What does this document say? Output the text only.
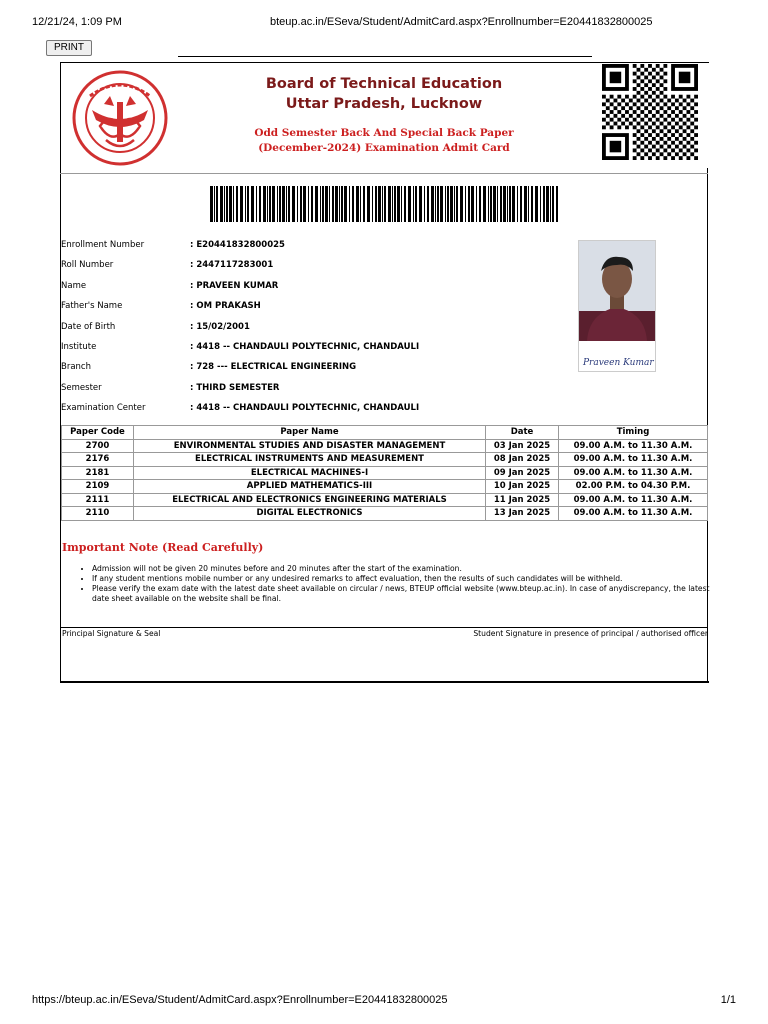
12/21/24, 1:09 PM	bteup.ac.in/ESeva/Student/AdmitCard.aspx?Enrollnumber=E20441832800025
PRINT
Board of Technical Education
Uttar Pradesh, Lucknow
Odd Semester Back And Special Back Paper
(December-2024) Examination Admit Card
Enrollment Number	: E20441832800025
Roll Number	: 2447117283001
Name	: PRAVEEN KUMAR
Father's Name	: OM PRAKASH
Date of Birth	: 15/02/2001
Institute	: 4418 -- CHANDAULI POLYTECHNIC, CHANDAULI
Branch	: 728 --- ELECTRICAL ENGINEERING
Semester	: THIRD SEMESTER
Examination Center	: 4418 -- CHANDAULI POLYTECHNIC, CHANDAULI

Praveen Kumar
Paper Code	Paper Name	Date	Timing
2700	ENVIRONMENTAL STUDIES AND DISASTER MANAGEMENT	03 Jan 2025	09.00 A.M. to 11.30 A.M.
2176	ELECTRICAL INSTRUMENTS AND MEASUREMENT	08 Jan 2025	09.00 A.M. to 11.30 A.M.
2181	ELECTRICAL MACHINES-I	09 Jan 2025	09.00 A.M. to 11.30 A.M.
2109	APPLIED MATHEMATICS-III	10 Jan 2025	02.00 P.M. to 04.30 P.M.
2111	ELECTRICAL AND ELECTRONICS ENGINEERING MATERIALS	11 Jan 2025	09.00 A.M. to 11.30 A.M.
2110	DIGITAL ELECTRONICS	13 Jan 2025	09.00 A.M. to 11.30 A.M.
Important Note (Read Carefully)
• Admission will not be given 20 minutes before and 20 minutes after the start of the examination.
• If any student mentions mobile number or any undesired remarks to affect evaluation, then the results of such candidates will be withheld.
• Please verify the exam date with the latest date sheet available on circular / news, BTEUP official website (www.bteup.ac.in). In case of anydiscrepancy, the latest date sheet available on the website shall be final.
Principal Signature & Seal	Student Signature in presence of principal / authorised officer
https://bteup.ac.in/ESeva/Student/AdmitCard.aspx?Enrollnumber=E20441832800025	1/1
